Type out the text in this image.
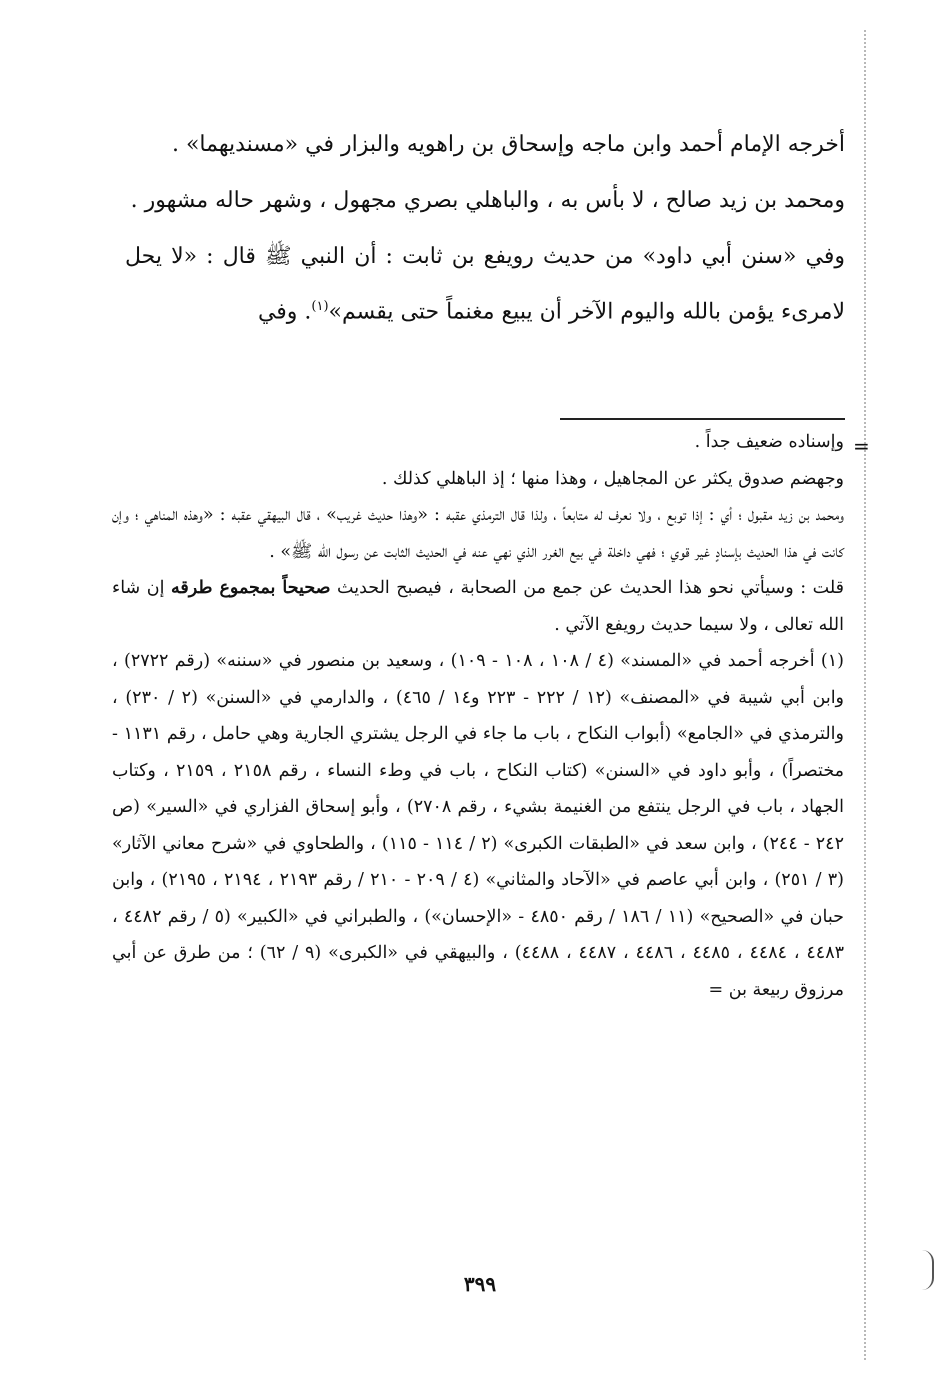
أخرجه الإمام أحمد وابن ماجه وإسحاق بن راهويه والبزار في «مسنديهما» .

ومحمد بن زيد صالح ، لا بأس به ، والباهلي بصري مجهول ، وشهر حاله مشهور .

وفي «سنن أبي داود» من حديث رويفع بن ثابت : أن النبي ﷺ قال : «لا يحل لامرىء يؤمن بالله واليوم الآخر أن يبيع مغنماً حتى يقسم»$^{(١)}$. وفي

=

وإسناده ضعيف جداً .

وجهضم صدوق يكثر عن المجاهيل ، وهذا منها ؛ إذ الباهلي كذلك .

ومحمد بن زيد مقبول ؛ أي : إذا توبع ، ولا نعرف له متابعاً ، ولذا قال الترمذي عقبه : «وهذا حديث غريب» ، قال البيهقي عقبه : «وهذه المناهي ؛ وإن كانت في هذا الحديث بإسنادٍ غير قوي ؛ فهي داخلة في بيع الغرر الذي نهي عنه في الحديث الثابت عن رسول الله ﷺ» .

قلت : وسيأتي نحو هذا الحديث عن جمع من الصحابة ، فيصبح الحديث صحيحاً بمجموع طرقه إن شاء الله تعالى ، ولا سيما حديث رويفع الآتي .

(١) أخرجه أحمد في «المسند» (٤ / ١٠٨ ، ١٠٨ - ١٠٩) ، وسعيد بن منصور في «سننه» (رقم ٢٧٢٢) ، وابن أبي شيبة في «المصنف» (١٢ / ٢٢٢ - ٢٢٣ و١٤ / ٤٦٥) ، والدارمي في «السنن» (٢ / ٢٣٠) ، والترمذي في «الجامع» (أبواب النكاح ، باب ما جاء في الرجل يشتري الجارية وهي حامل ، رقم ١١٣١ - مختصراً) ، وأبو داود في «السنن» (كتاب النكاح ، باب في وطء النساء ، رقم ٢١٥٨ ، ٢١٥٩ ، وكتاب الجهاد ، باب في الرجل ينتفع من الغنيمة بشيء ، رقم ٢٧٠٨) ، وأبو إسحاق الفزاري في «السير» (ص ٢٤٢ - ٢٤٤) ، وابن سعد في «الطبقات الكبرى» (٢ / ١١٤ - ١١٥) ، والطحاوي في «شرح معاني الآثار» (٣ / ٢٥١) ، وابن أبي عاصم في «الآحاد والمثاني» (٤ / ٢٠٩ - ٢١٠ / رقم ٢١٩٣ ، ٢١٩٤ ، ٢١٩٥) ، وابن حبان في «الصحيح» (١١ / ١٨٦ / رقم ٤٨٥٠ - «الإحسان») ، والطبراني في «الكبير» (٥ / رقم ٤٤٨٢ ، ٤٤٨٣ ، ٤٤٨٤ ، ٤٤٨٥ ، ٤٤٨٦ ، ٤٤٨٧ ، ٤٤٨٨) ، والبيهقي في «الكبرى» (٩ / ٦٢) ؛ من طرق عن أبي مرزوق ربيعة بن =

٣٩٩
